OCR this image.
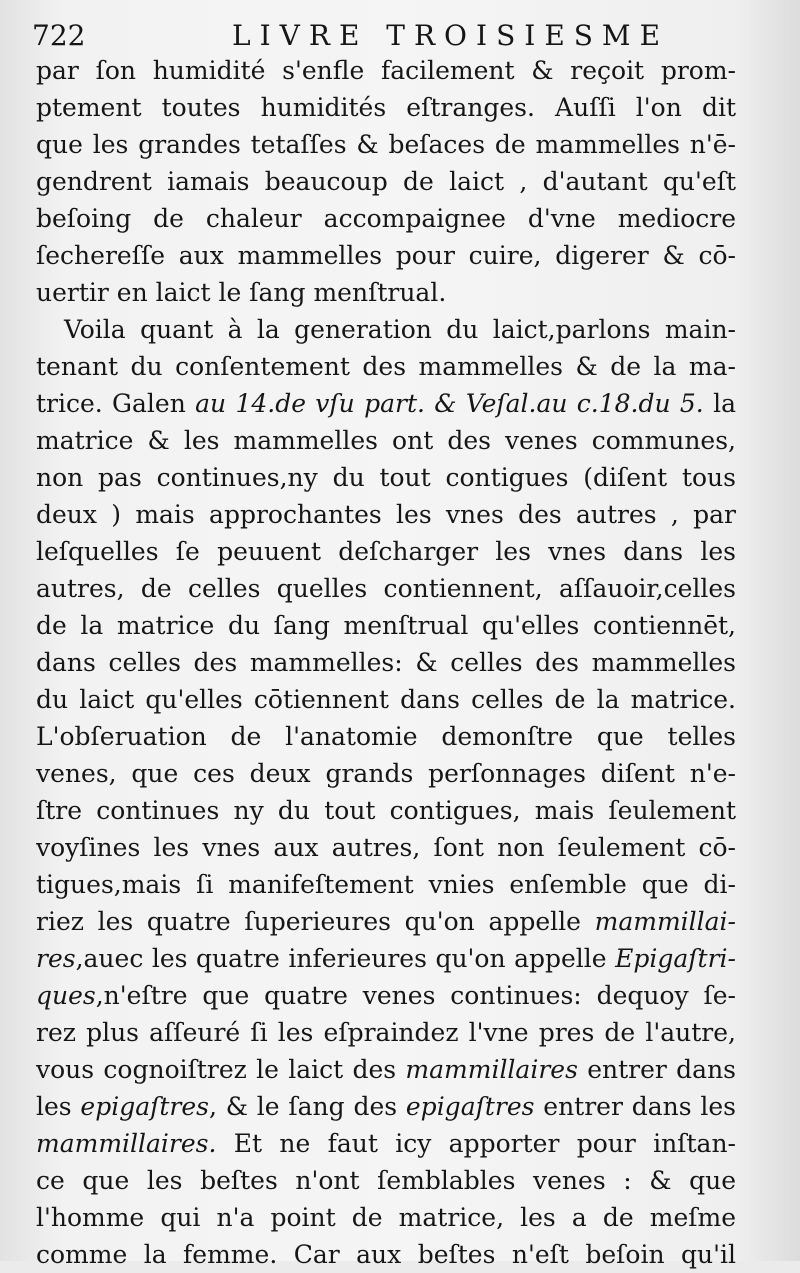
722	LIVRE TROISIESME
par ſon humidité s'enfle facilement & reçoit prom-
ptement toutes humidités eſtranges. Auſſi l'on dit
que les grandes tetaſſes & beſaces de mammelles n'ē-
gendrent iamais beaucoup de laict , d'autant qu'eſt
beſoing de chaleur accompaignee d'vne mediocre
ſechereſſe aux mammelles pour cuire, digerer & cō-
uertir en laict le ſang menſtrual.
Voila quant à la generation du laict,parlons main-
tenant du conſentement des mammelles & de la ma-
trice. Galen au 14.de vſu part. & Veſal.au c.18.du 5. la
matrice & les mammelles ont des venes communes,
non pas continues,ny du tout contigues (diſent tous
deux ) mais approchantes les vnes des autres , par
leſquelles ſe peuuent deſcharger les vnes dans les
autres, de celles quelles contiennent, aſſauoir,celles
de la matrice du ſang menſtrual qu'elles contiennēt,
dans celles des mammelles: & celles des mammelles
du laict qu'elles cōtiennent dans celles de la matrice.
L'obſeruation de l'anatomie demonſtre que telles
venes, que ces deux grands perſonnages diſent n'e-
ſtre continues ny du tout contigues, mais ſeulement
voyſines les vnes aux autres, ſont non ſeulement cō-
tigues,mais ſi manifeſtement vnies enſemble que di-
riez les quatre ſuperieures qu'on appelle mammillai-
res,auec les quatre inferieures qu'on appelle Epigaſtri-
ques,n'eſtre que quatre venes continues: dequoy ſe-
rez plus aſſeuré ſi les eſpraindez l'vne pres de l'autre,
vous cognoiſtrez le laict des mammillaires entrer dans
les epigaſtres, & le ſang des epigaſtres entrer dans les
mammillaires. Et ne faut icy apporter pour inſtan-
ce que les beſtes n'ont ſemblables venes : & que
l'homme qui n'a point de matrice, les a de meſme
comme la femme. Car aux beſtes n'eſt beſoin qu'il
